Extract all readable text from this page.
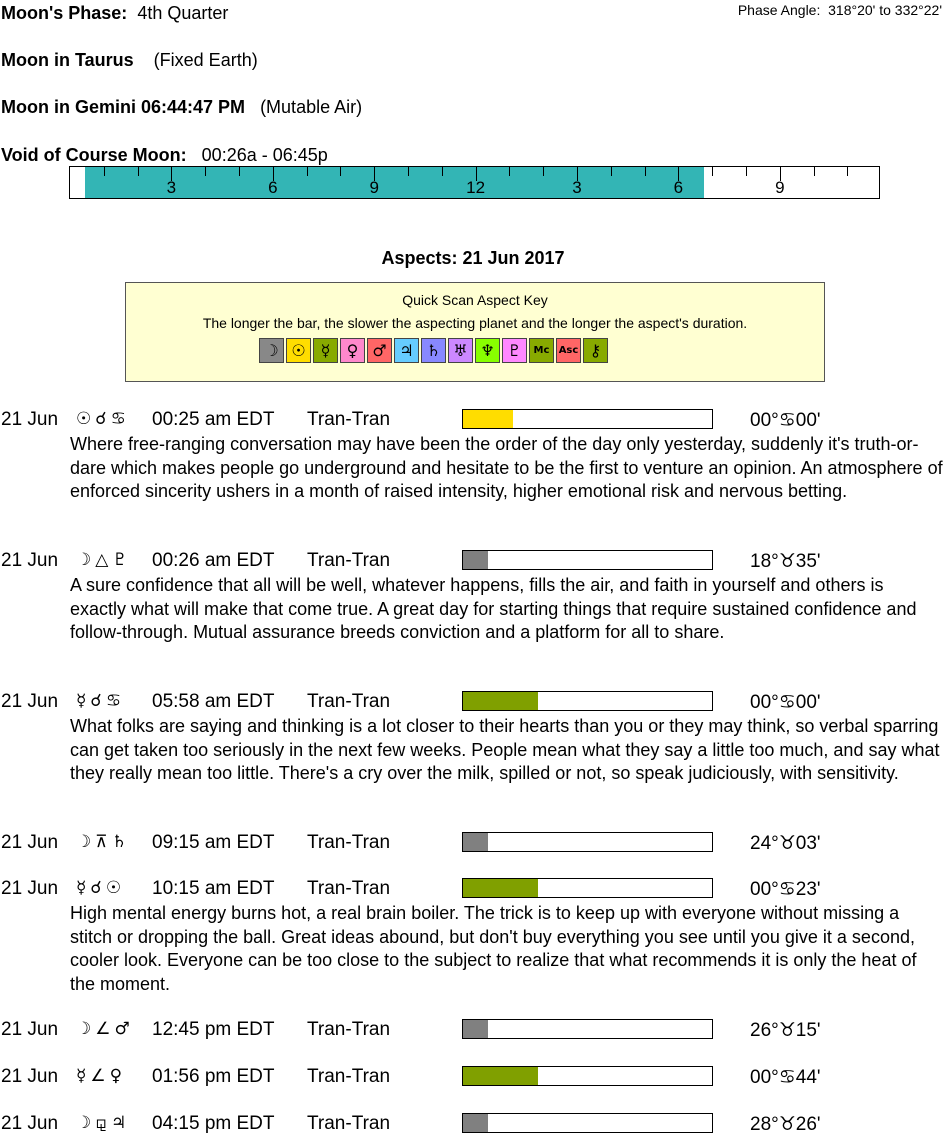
Moon's Phase: 4th Quarter	Phase Angle: 318°20' to 332°22'
Moon in Taurus (Fixed Earth)
Moon in Gemini 06:44:47 PM (Mutable Air)
Void of Course Moon: 00:26a - 06:45p
3	6	9	12	3	6	9
Aspects: 21 Jun 2017
Quick Scan Aspect Key
The longer the bar, the slower the aspecting planet and the longer the aspect's duration.
☽ ☉ ☿	♀ ♂ ♃ ♄ ♅ ♆ ♇	Mc Asc ⚷
21 Jun ☉☌♋ 00:25 am EDT Tran-Tran	00°♋00'
Where free-ranging conversation may have been the order of the day only yesterday, suddenly it's truth-or-dare which makes people go underground and hesitate to be the first to venture an opinion. An atmosphere of enforced sincerity ushers in a month of raised intensity, higher emotional risk and nervous betting.
21 Jun ☽△♇ 00:26 am EDT Tran-Tran	18°♉35'
A sure confidence that all will be well, whatever happens, fills the air, and faith in yourself and others is exactly what will make that come true. A great day for starting things that require sustained confidence and follow-through. Mutual assurance breeds conviction and a platform for all to share.
21 Jun ☿☌♋ 05:58 am EDT Tran-Tran	00°♋00'
What folks are saying and thinking is a lot closer to their hearts than you or they may think, so verbal sparring can get taken too seriously in the next few weeks. People mean what they say a little too much, and say what they really mean too little. There's a cry over the milk, spilled or not, so speak judiciously, with sensitivity.
21 Jun ☽⊼♄ 09:15 am EDT Tran-Tran	24°♉03'
21 Jun ☿☌☉ 10:15 am EDT Tran-Tran	00°♋23'
High mental energy burns hot, a real brain boiler. The trick is to keep up with everyone without missing a stitch or dropping the ball. Great ideas abound, but don't buy everything you see until you give it a second, cooler look. Everyone can be too close to the subject to realize that what recommends it is only the heat of the moment.
21 Jun ☽∠♂ 12:45 pm EDT Tran-Tran	26°♉15'
21 Jun ☿∠♀ 01:56 pm EDT Tran-Tran	00°♋44'
21 Jun ☽⚼♃ 04:15 pm EDT Tran-Tran	28°♉26'
